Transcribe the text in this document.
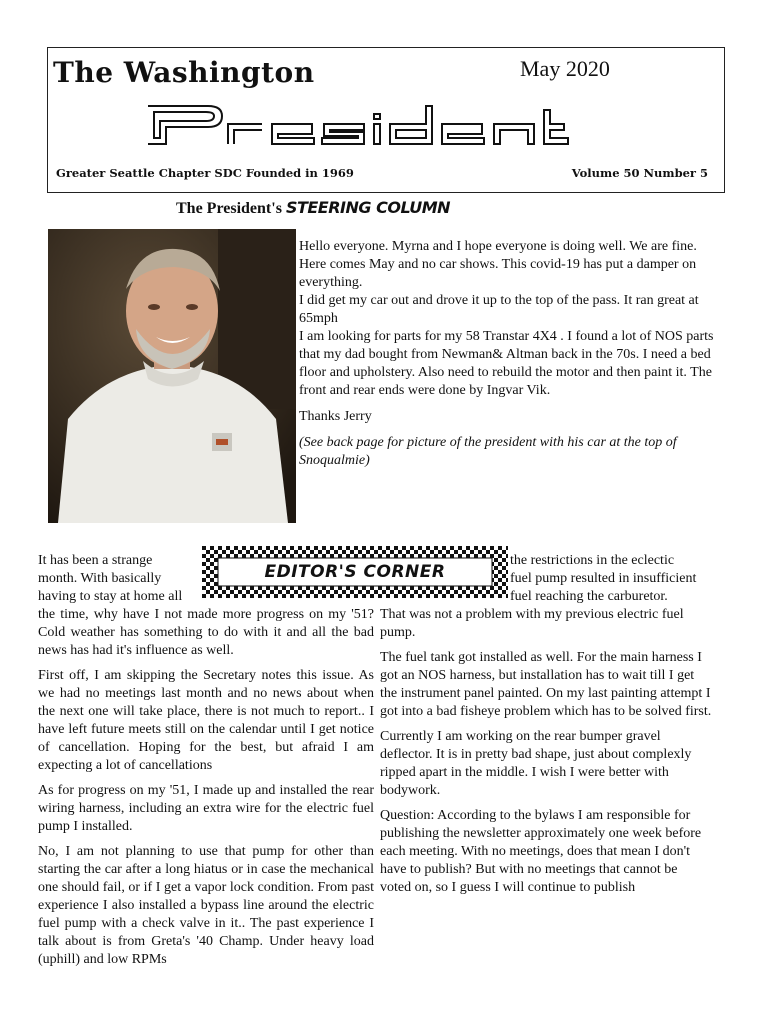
The Washington	May 2020
Greater Seattle Chapter SDC Founded in 1969	Volume 50 Number 5
The President's STEERING COLUMN

Hello everyone. Myrna and I hope everyone is doing well. We are fine.

Here comes May and no car shows. This covid-19 has put a damper on everything.

I did get my car out and drove it up to the top of the pass. It ran great at 65mph

I am looking for parts for my 58 Transtar 4X4 . I found a lot of NOS parts that my dad bought from Newman& Altman back in the 70s. I need a bed floor and upholstery. Also need to rebuild the motor and then paint it. The front and rear ends were done by Ingvar Vik.

Thanks Jerry

(See back page for picture of the president with his car at the top of Snoqualmie)

EDITOR'S CORNER
It has been a strange
month. With basically
having to stay at home all
the restrictions in the eclectic
fuel pump resulted in insufficient
fuel reaching the carburetor.

the time, why have I not made more progress on my '51? Cold weather has something to do with it and all the bad news has had it's influence as well.

First off, I am skipping the Secretary notes this issue. As we had no meetings last month and no news about when the next one will take place, there is not much to report.. I have left future meets still on the calendar until I get notice of cancellation. Hoping for the best, but afraid I am expecting a lot of cancellations

As for progress on my '51, I made up and installed the rear wiring harness, including an extra wire for the electric fuel pump I installed.

No, I am not planning to use that pump for other than starting the car after a long hiatus or in case the mechanical one should fail, or if I get a vapor lock condition. From past experience I also installed a bypass line around the electric fuel pump with a check valve in it.. The past experience I talk about is from Greta's '40 Champ. Under heavy load (uphill) and low RPMs

That was not a problem with my previous electric fuel pump.

The fuel tank got installed as well. For the main harness I got an NOS harness, but installation has to wait till I get the instrument panel painted. On my last painting attempt I got into a bad fisheye problem which has to be solved first.

Currently I am working on the rear bumper gravel deflector. It is in pretty bad shape, just about complexly ripped apart in the middle. I wish I were better with bodywork.

Question: According to the bylaws I am responsible for publishing the newsletter approximately one week before each meeting. With no meetings, does that mean I don't have to publish? But with no meetings that cannot be voted on, so I guess I will continue to publish
